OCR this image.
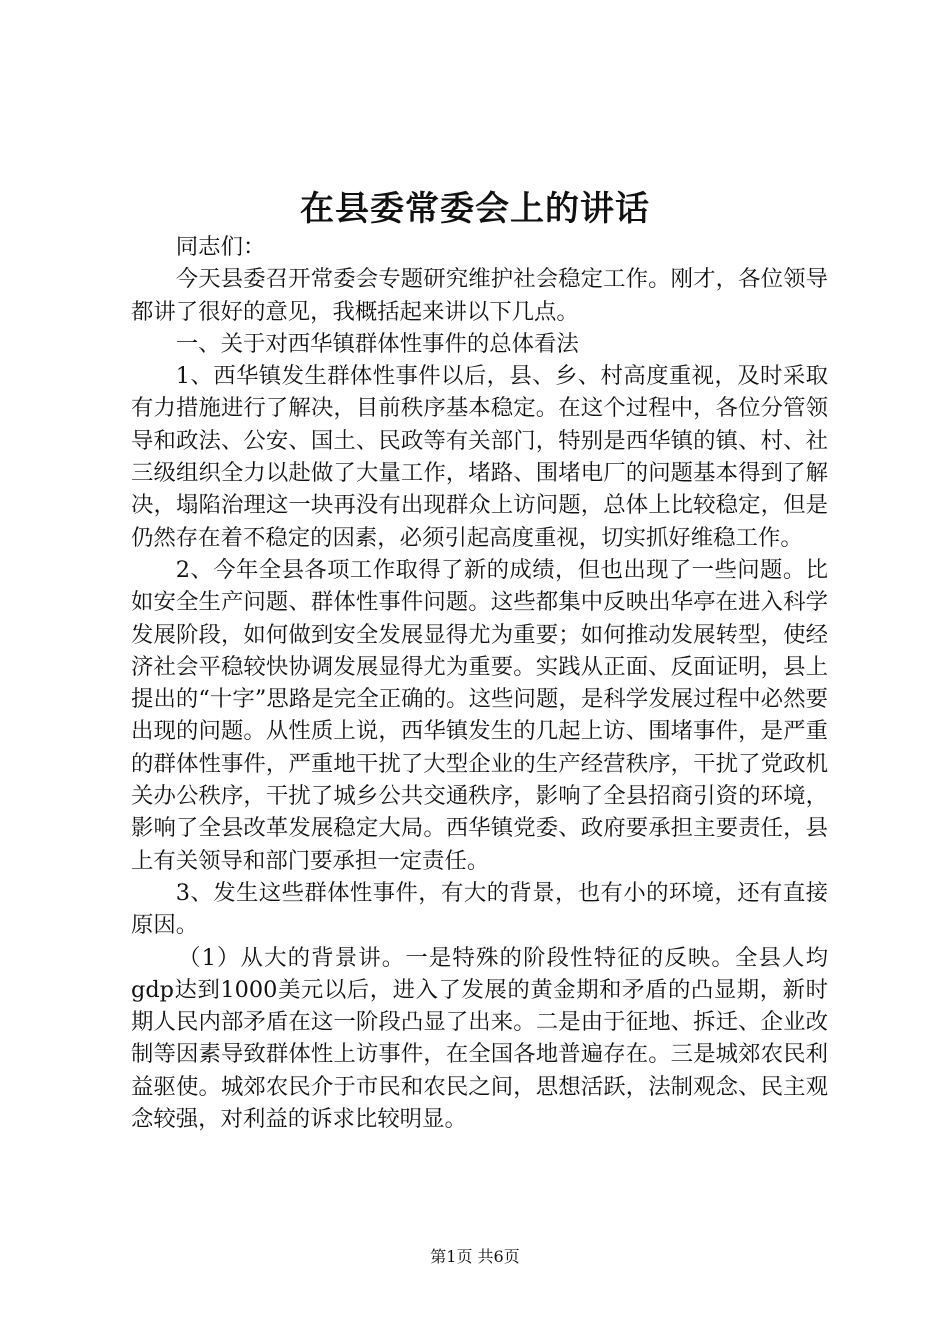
在县委常委会上的讲话

同志们：

今天县委召开常委会专题研究维护社会稳定工作。刚才，各位领导都讲了很好的意见，我概括起来讲以下几点。

一、关于对西华镇群体性事件的总体看法

1、西华镇发生群体性事件以后，县、乡、村高度重视，及时采取有力措施进行了解决，目前秩序基本稳定。在这个过程中，各位分管领导和政法、公安、国土、民政等有关部门，特别是西华镇的镇、村、社三级组织全力以赴做了大量工作，堵路、围堵电厂的问题基本得到了解决，塌陷治理这一块再没有出现群众上访问题，总体上比较稳定，但是仍然存在着不稳定的因素，必须引起高度重视，切实抓好维稳工作。

2、今年全县各项工作取得了新的成绩，但也出现了一些问题。比如安全生产问题、群体性事件问题。这些都集中反映出华亭在进入科学发展阶段，如何做到安全发展显得尤为重要；如何推动发展转型，使经济社会平稳较快协调发展显得尤为重要。实践从正面、反面证明，县上提出的“十字”思路是完全正确的。这些问题，是科学发展过程中必然要出现的问题。从性质上说，西华镇发生的几起上访、围堵事件，是严重的群体性事件，严重地干扰了大型企业的生产经营秩序，干扰了党政机关办公秩序，干扰了城乡公共交通秩序，影响了全县招商引资的环境，影响了全县改革发展稳定大局。西华镇党委、政府要承担主要责任，县上有关领导和部门要承担一定责任。

3、发生这些群体性事件，有大的背景，也有小的环境，还有直接原因。

（1）从大的背景讲。一是特殊的阶段性特征的反映。全县人均gdp达到1000美元以后，进入了发展的黄金期和矛盾的凸显期，新时期人民内部矛盾在这一阶段凸显了出来。二是由于征地、拆迁、企业改制等因素导致群体性上访事件，在全国各地普遍存在。三是城郊农民利益驱使。城郊农民介于市民和农民之间，思想活跃，法制观念、民主观念较强，对利益的诉求比较明显。

第1页 共6页
